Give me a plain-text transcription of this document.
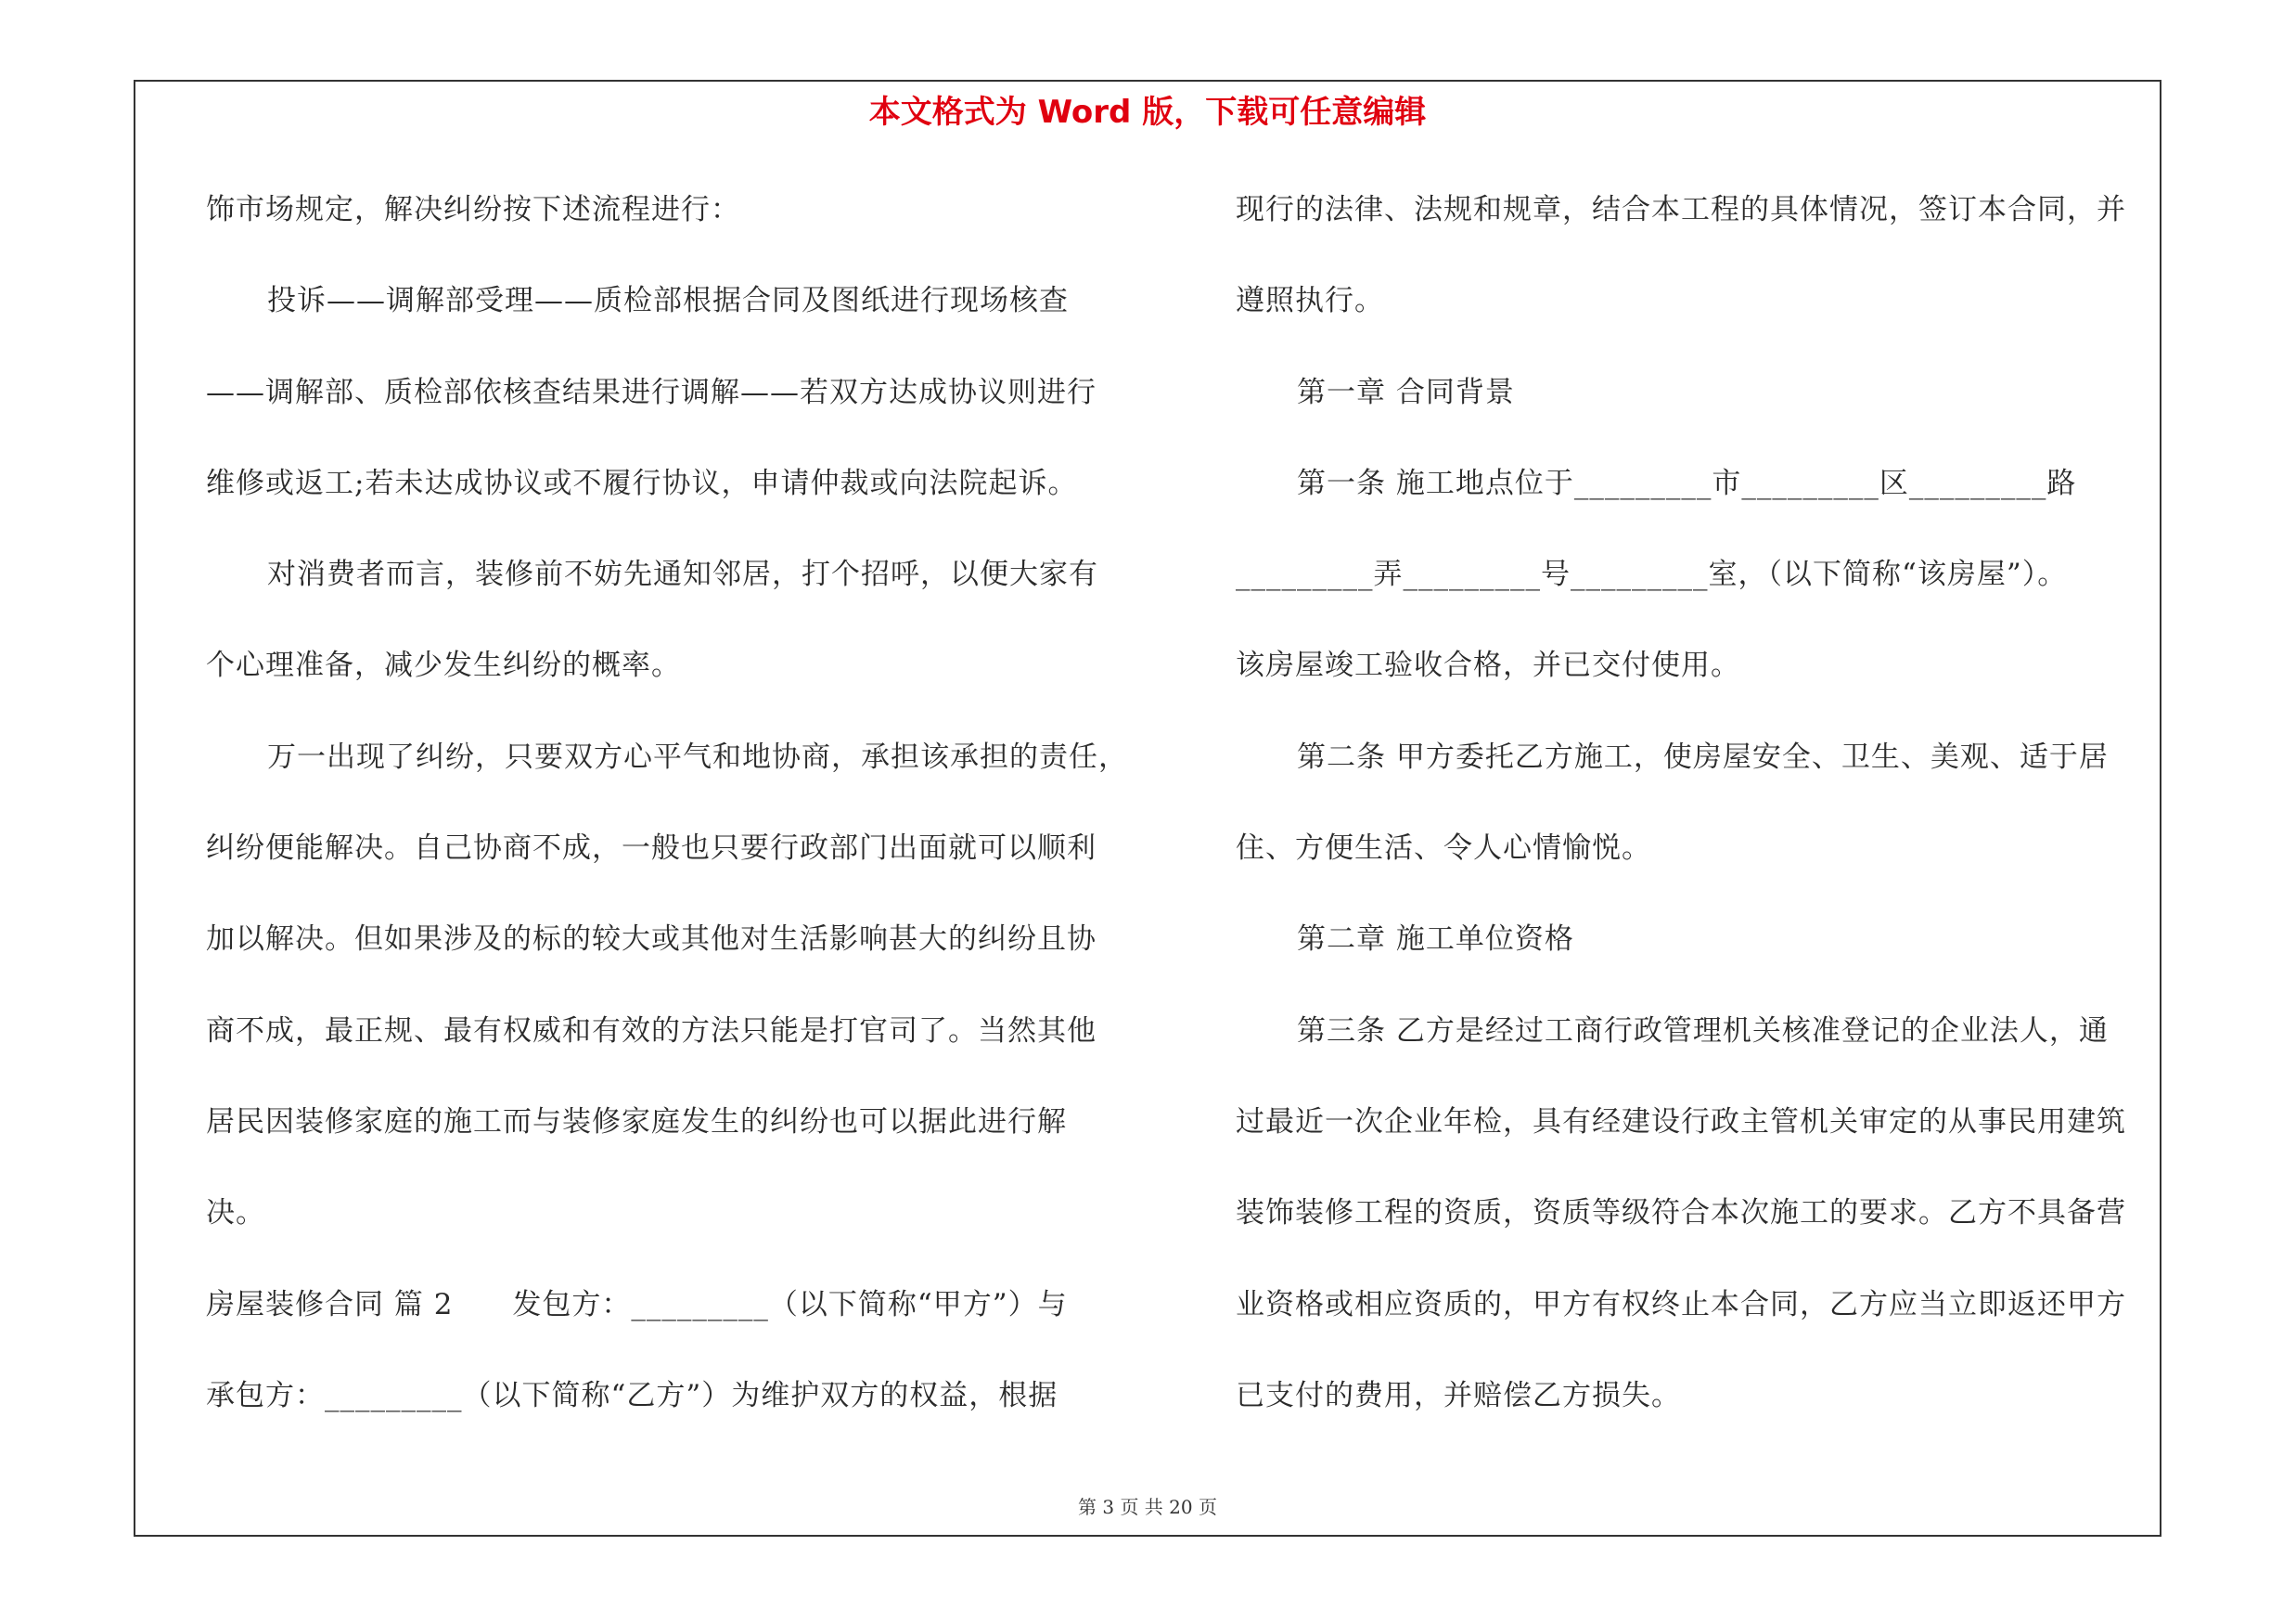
本文格式为 Word 版，下载可任意编辑
饰市场规定，解决纠纷按下述流程进行：
投诉——调解部受理——质检部根据合同及图纸进行现场核查
——调解部、质检部依核查结果进行调解——若双方达成协议则进行
维修或返工;若未达成协议或不履行协议，申请仲裁或向法院起诉。
对消费者而言，装修前不妨先通知邻居，打个招呼，以便大家有
个心理准备，减少发生纠纷的概率。
万一出现了纠纷，只要双方心平气和地协商，承担该承担的责任，
纠纷便能解决。自己协商不成，一般也只要行政部门出面就可以顺利
加以解决。但如果涉及的标的较大或其他对生活影响甚大的纠纷且协
商不成，最正规、最有权威和有效的方法只能是打官司了。当然其他
居民因装修家庭的施工而与装修家庭发生的纠纷也可以据此进行解
决。
房屋装修合同 篇 2　　发包方：_________（以下简称“甲方”）与
承包方：_________（以下简称“乙方”）为维护双方的权益，根据
现行的法律、法规和规章，结合本工程的具体情况，签订本合同，并
遵照执行。
第一章 合同背景
第一条 施工地点位于_________市_________区_________路
_________弄_________号_________室，（以下简称“该房屋”）。
该房屋竣工验收合格，并已交付使用。
第二条 甲方委托乙方施工，使房屋安全、卫生、美观、适于居
住、方便生活、令人心情愉悦。
第二章 施工单位资格
第三条 乙方是经过工商行政管理机关核准登记的企业法人，通
过最近一次企业年检，具有经建设行政主管机关审定的从事民用建筑
装饰装修工程的资质，资质等级符合本次施工的要求。乙方不具备营
业资格或相应资质的，甲方有权终止本合同，乙方应当立即返还甲方
已支付的费用，并赔偿乙方损失。
第 3 页 共 20 页
